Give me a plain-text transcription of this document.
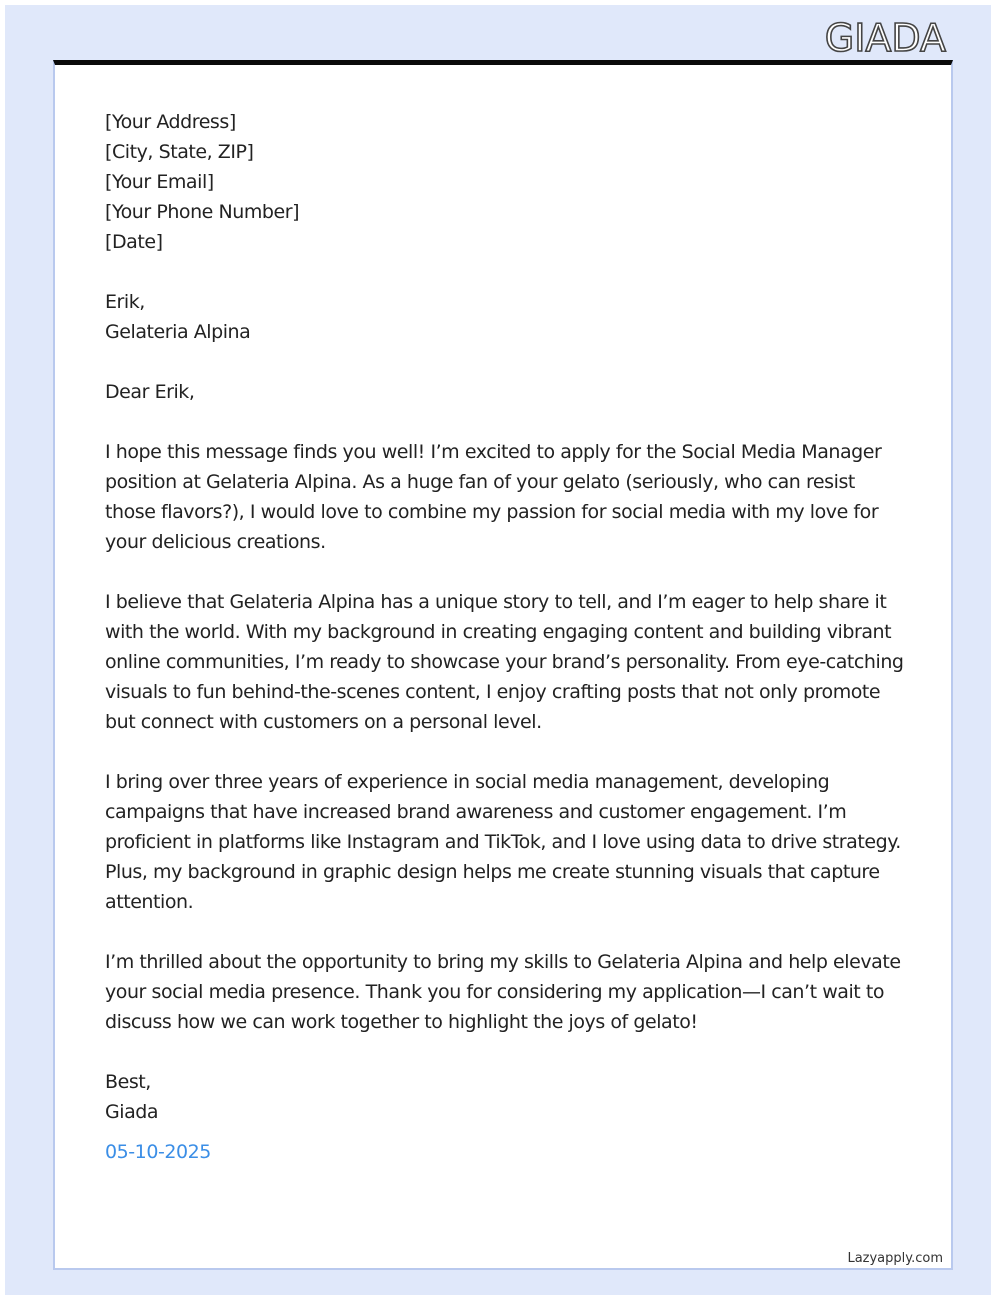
GIADA
[Your Address]
[City, State, ZIP]
[Your Email]
[Your Phone Number]
[Date]
Erik,
Gelateria Alpina
Dear Erik,

I hope this message finds you well! I’m excited to apply for the Social Media Manager position at Gelateria Alpina. As a huge fan of your gelato (seriously, who can resist those flavors?), I would love to combine my passion for social media with my love for your delicious creations.

I believe that Gelateria Alpina has a unique story to tell, and I’m eager to help share it with the world. With my background in creating engaging content and building vibrant online communities, I’m ready to showcase your brand’s personality. From eye-catching visuals to fun behind-the-scenes content, I enjoy crafting posts that not only promote but connect with customers on a personal level.

I bring over three years of experience in social media management, developing campaigns that have increased brand awareness and customer engagement. I’m proficient in platforms like Instagram and TikTok, and I love using data to drive strategy. Plus, my background in graphic design helps me create stunning visuals that capture attention.

I’m thrilled about the opportunity to bring my skills to Gelateria Alpina and help elevate your social media presence. Thank you for considering my application—I can’t wait to discuss how we can work together to highlight the joys of gelato!

Best,
Giada
05-10-2025
Lazyapply.com
